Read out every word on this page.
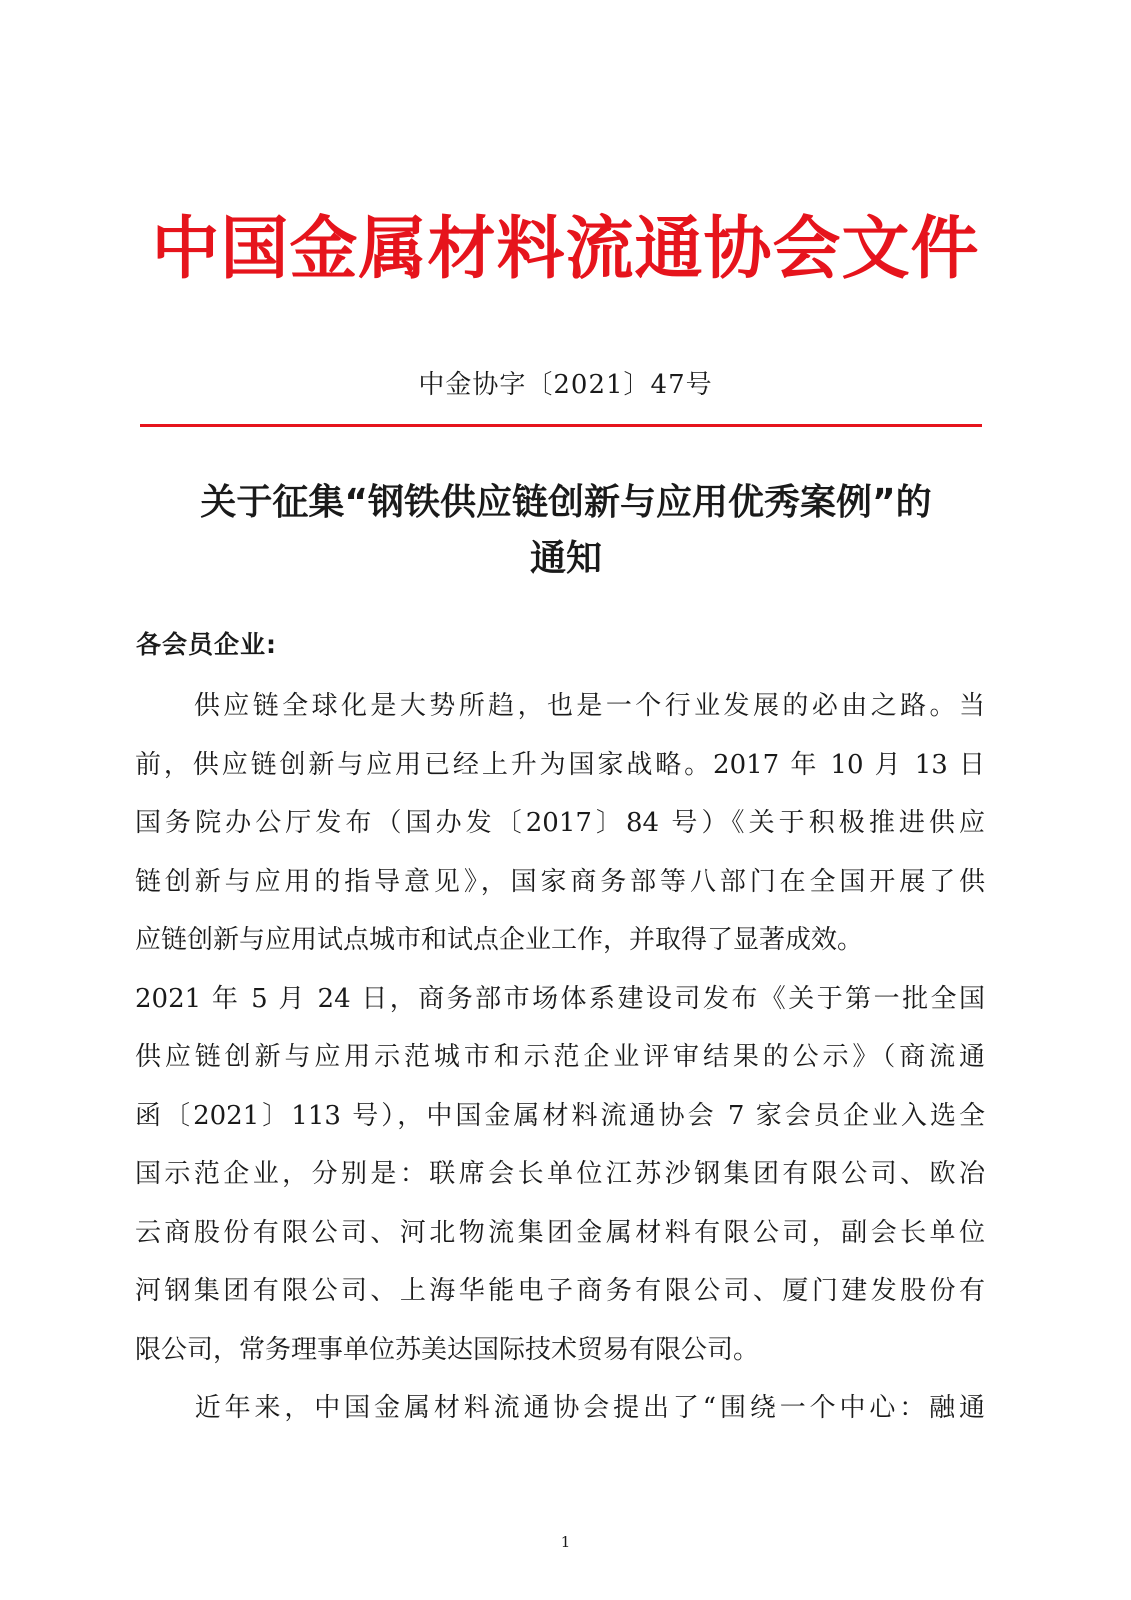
中国金属材料流通协会文件
中金协字〔2021〕47号
关于征集“钢铁供应链创新与应用优秀案例”的
通知
各会员企业:
　　供应链全球化是大势所趋，也是一个行业发展的必由之路。当
前，供应链创新与应用已经上升为国家战略。2017 年 10 月 13 日
国务院办公厅发布（国办发〔2017〕84 号）《关于积极推进供应
链创新与应用的指导意见》，国家商务部等八部门在全国开展了供
应链创新与应用试点城市和试点企业工作，并取得了显著成效。
2021 年 5 月 24 日，商务部市场体系建设司发布《关于第一批全国
供应链创新与应用示范城市和示范企业评审结果的公示》（商流通
函〔2021〕113 号），中国金属材料流通协会 7 家会员企业入选全
国示范企业，分别是：联席会长单位江苏沙钢集团有限公司、欧冶
云商股份有限公司、河北物流集团金属材料有限公司，副会长单位
河钢集团有限公司、上海华能电子商务有限公司、厦门建发股份有
限公司，常务理事单位苏美达国际技术贸易有限公司。
　　近年来，中国金属材料流通协会提出了“围绕一个中心：融通
1
